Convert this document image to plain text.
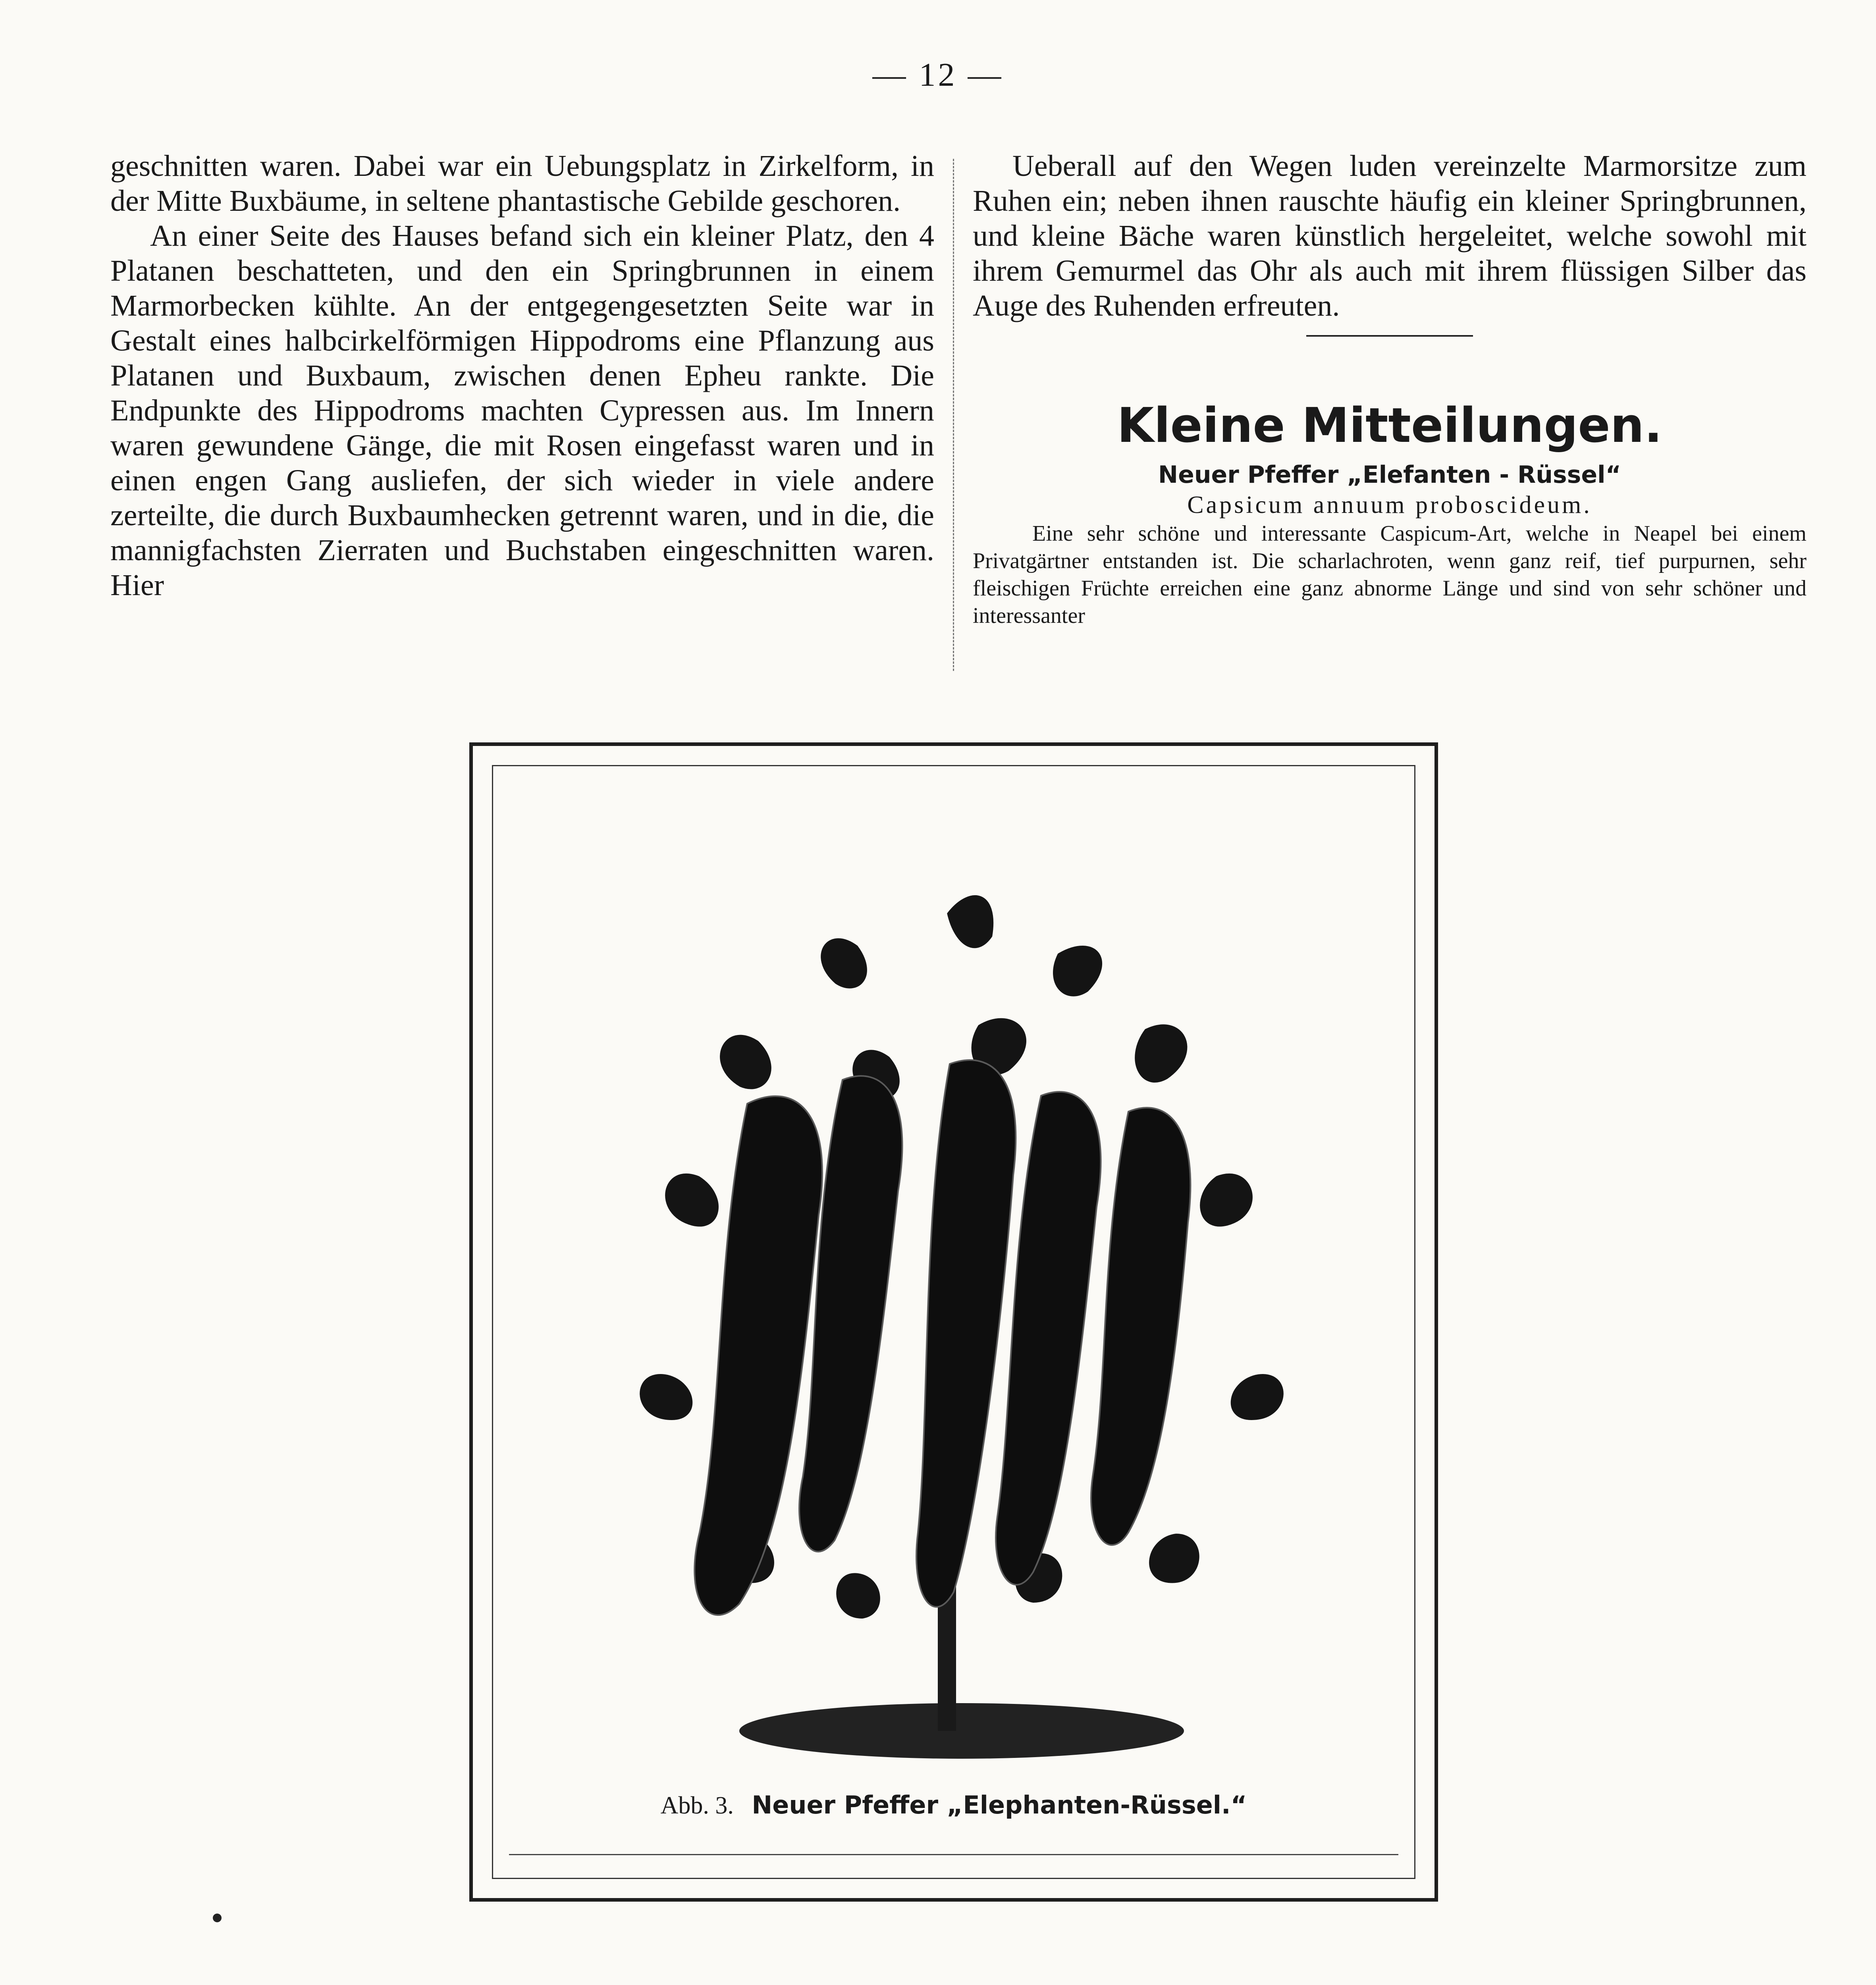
— 12 —

geschnitten waren. Dabei war ein Uebungsplatz in Zirkelform, in der Mitte Buxbäume, in seltene phantastische Gebilde geschoren.

An einer Seite des Hauses befand sich ein kleiner Platz, den 4 Platanen beschatteten, und den ein Springbrunnen in einem Marmorbecken kühlte. An der entgegengesetzten Seite war in Gestalt eines halbcirkelförmigen Hippodroms eine Pflanzung aus Platanen und Buxbaum, zwischen denen Epheu rankte. Die Endpunkte des Hippodroms machten Cypressen aus. Im Innern waren gewundene Gänge, die mit Rosen eingefasst waren und in einen engen Gang ausliefen, der sich wieder in viele andere zerteilte, die durch Buxbaumhecken getrennt waren, und in die, die mannigfachsten Zierraten und Buchstaben eingeschnitten waren. Hier

Ueberall auf den Wegen luden vereinzelte Marmorsitze zum Ruhen ein; neben ihnen rauschte häufig ein kleiner Springbrunnen, und kleine Bäche waren künstlich hergeleitet, welche sowohl mit ihrem Gemurmel das Ohr als auch mit ihrem flüssigen Silber das Auge des Ruhenden erfreuten.

Kleine Mitteilungen.
Neuer Pfeffer „Elefanten - Rüssel“
Capsicum annuum proboscideum.

Eine sehr schöne und interessante Caspicum-Art, welche in Neapel bei einem Privatgärtner entstanden ist. Die scharlachroten, wenn ganz reif, tief purpurnen, sehr fleischigen Früchte erreichen eine ganz abnorme Länge und sind von sehr schöner und interessanter

Abb. 3. Neuer Pfeffer „Elephanten-Rüssel.“
